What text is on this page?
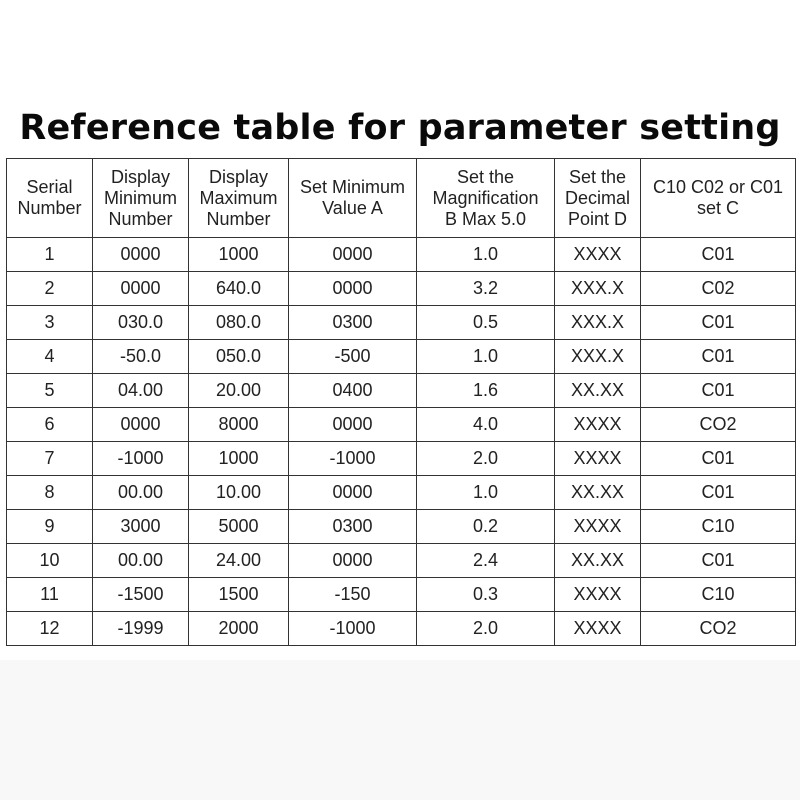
Reference table for parameter setting
Serial
Number	Display
Minimum
Number	Display
Maximum
Number	Set Minimum
Value A	Set the
Magnification
B Max 5.0	Set the
Decimal
Point D	C10 C02 or C01
set C
1	0000	1000	0000	1.0	XXXX	C01
2	0000	640.0	0000	3.2	XXX.X	C02
3	030.0	080.0	0300	0.5	XXX.X	C01
4	-50.0	050.0	-500	1.0	XXX.X	C01
5	04.00	20.00	0400	1.6	XX.XX	C01
6	0000	8000	0000	4.0	XXXX	CO2
7	-1000	1000	-1000	2.0	XXXX	C01
8	00.00	10.00	0000	1.0	XX.XX	C01
9	3000	5000	0300	0.2	XXXX	C10
10	00.00	24.00	0000	2.4	XX.XX	C01
11	-1500	1500	-150	0.3	XXXX	C10
12	-1999	2000	-1000	2.0	XXXX	CO2
